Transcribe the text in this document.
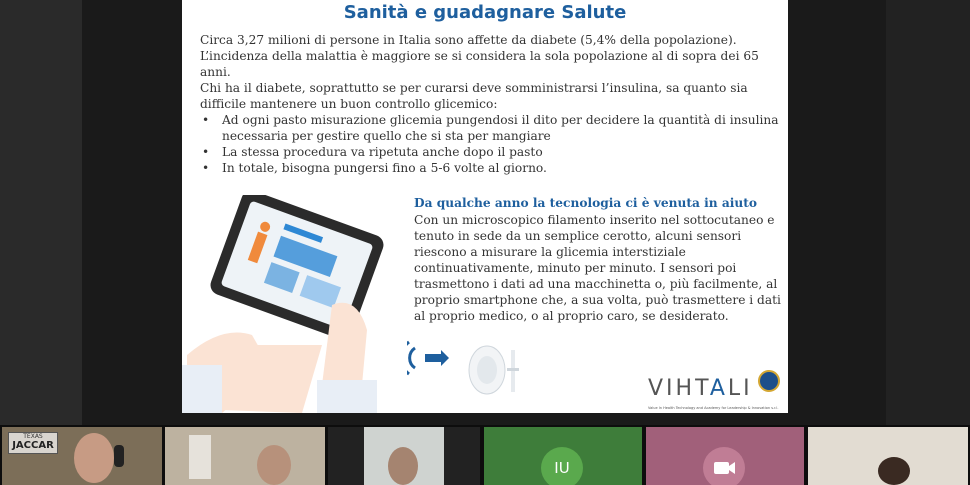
Sanità e guadagnare Salute
Circa 3,27 milioni di persone in Italia sono affette da diabete (5,4% della popolazione). L’incidenza della malattia è maggiore se si considera la sola popolazione al di sopra dei 65 anni.
Chi ha il diabete, soprattutto se per curarsi deve somministrarsi l’insulina, sa quanto sia difficile mantenere un buon controllo glicemico:
• Ad ogni pasto misurazione glicemia pungendosi il dito per decidere la quantità di insulina necessaria per gestire quello che si sta per mangiare
• La stessa procedura va ripetuta anche dopo il pasto
• In totale, bisogna pungersi fino a 5-6 volte al giorno.
Da qualche anno la tecnologia ci è venuta in aiuto
Con un microscopico filamento inserito nel sottocutaneo e tenuto in sede da un semplice cerotto, alcuni sensori riescono a misurare la glicemia interstiziale continuativamente, minuto per minuto. I sensori poi trasmettono i dati ad una macchinetta o, più facilmente, al proprio smartphone che, a sua volta, può trasmettere i dati al proprio medico, o al proprio caro, se desiderato.
VIHTALI
Value In Health Technology and Academy for Leadership & Innovation s.r.l.
TEXAS
JACCAR
IU
